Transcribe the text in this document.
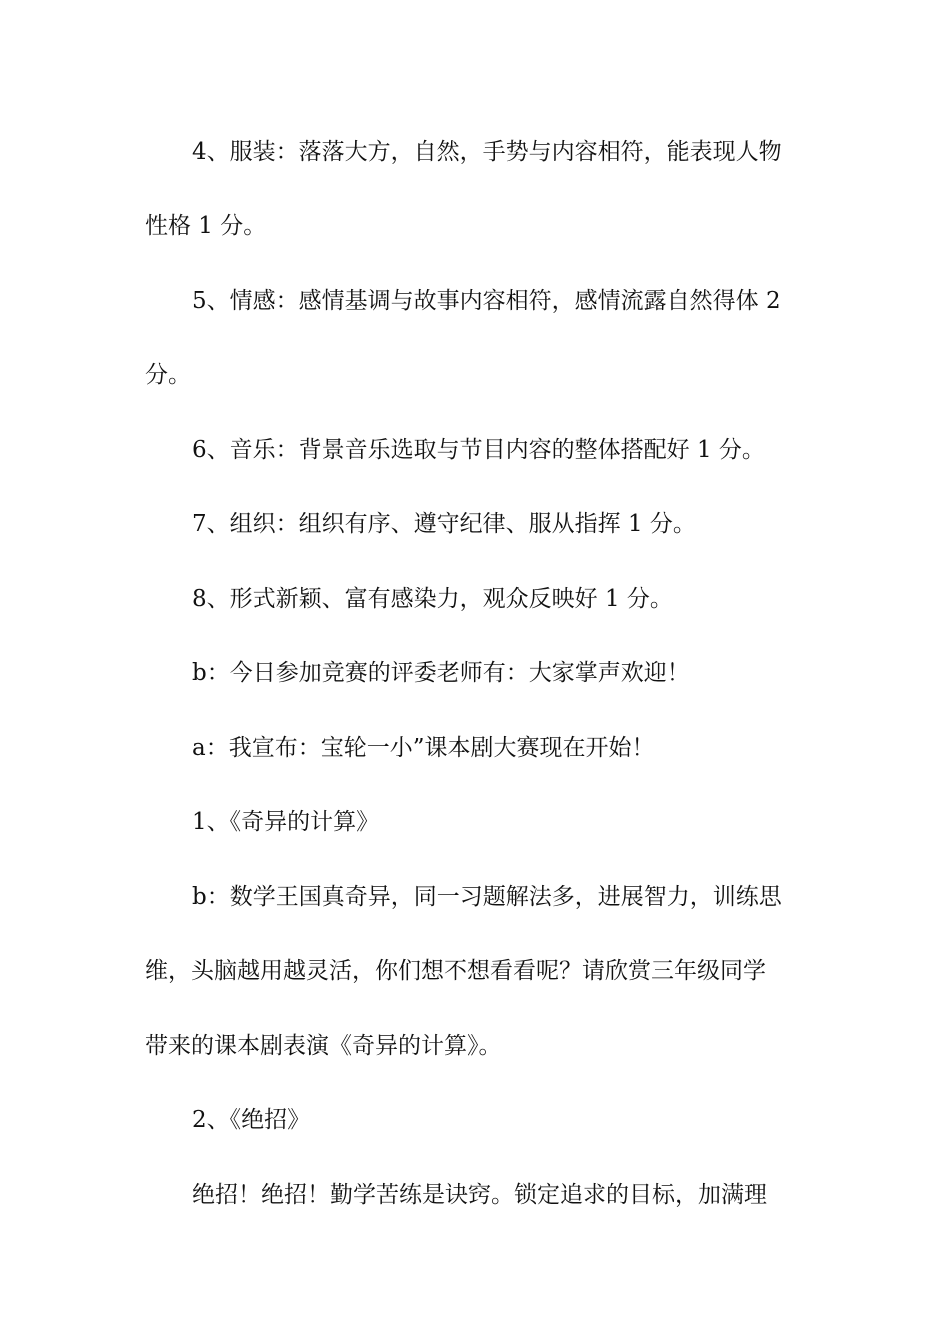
4、服装：落落大方，自然，手势与内容相符，能表现人物
性格 1 分。
5、情感：感情基调与故事内容相符，感情流露自然得体 2
分。
6、音乐：背景音乐选取与节目内容的整体搭配好 1 分。
7、组织：组织有序、遵守纪律、服从指挥 1 分。
8、形式新颖、富有感染力，观众反映好 1 分。
b：今日参加竞赛的评委老师有：大家掌声欢迎！
a：我宣布：宝轮一小”课本剧大赛现在开始！
1、《奇异的计算》
b：数学王国真奇异，同一习题解法多，进展智力，训练思
维，头脑越用越灵活，你们想不想看看呢？请欣赏三年级同学
带来的课本剧表演《奇异的计算》。
2、《绝招》
绝招！绝招！勤学苦练是诀窍。锁定追求的目标，加满理
